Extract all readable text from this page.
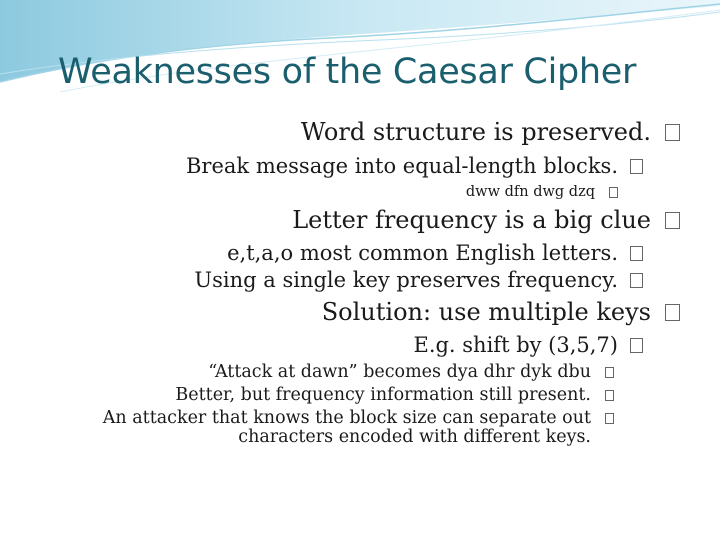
Weaknesses of the Caesar Cipher
Word structure is preserved.
Break message into equal-length blocks.
dww dfn dwg dzq
Letter frequency is a big clue
e,t,a,o most common English letters.
Using a single key preserves frequency.
Solution: use multiple keys
E.g. shift by (3,5,7)
“Attack at dawn” becomes dya dhr dyk dbu
Better, but frequency information still present.
An attacker that knows the block size can separate out
characters encoded with different keys.
